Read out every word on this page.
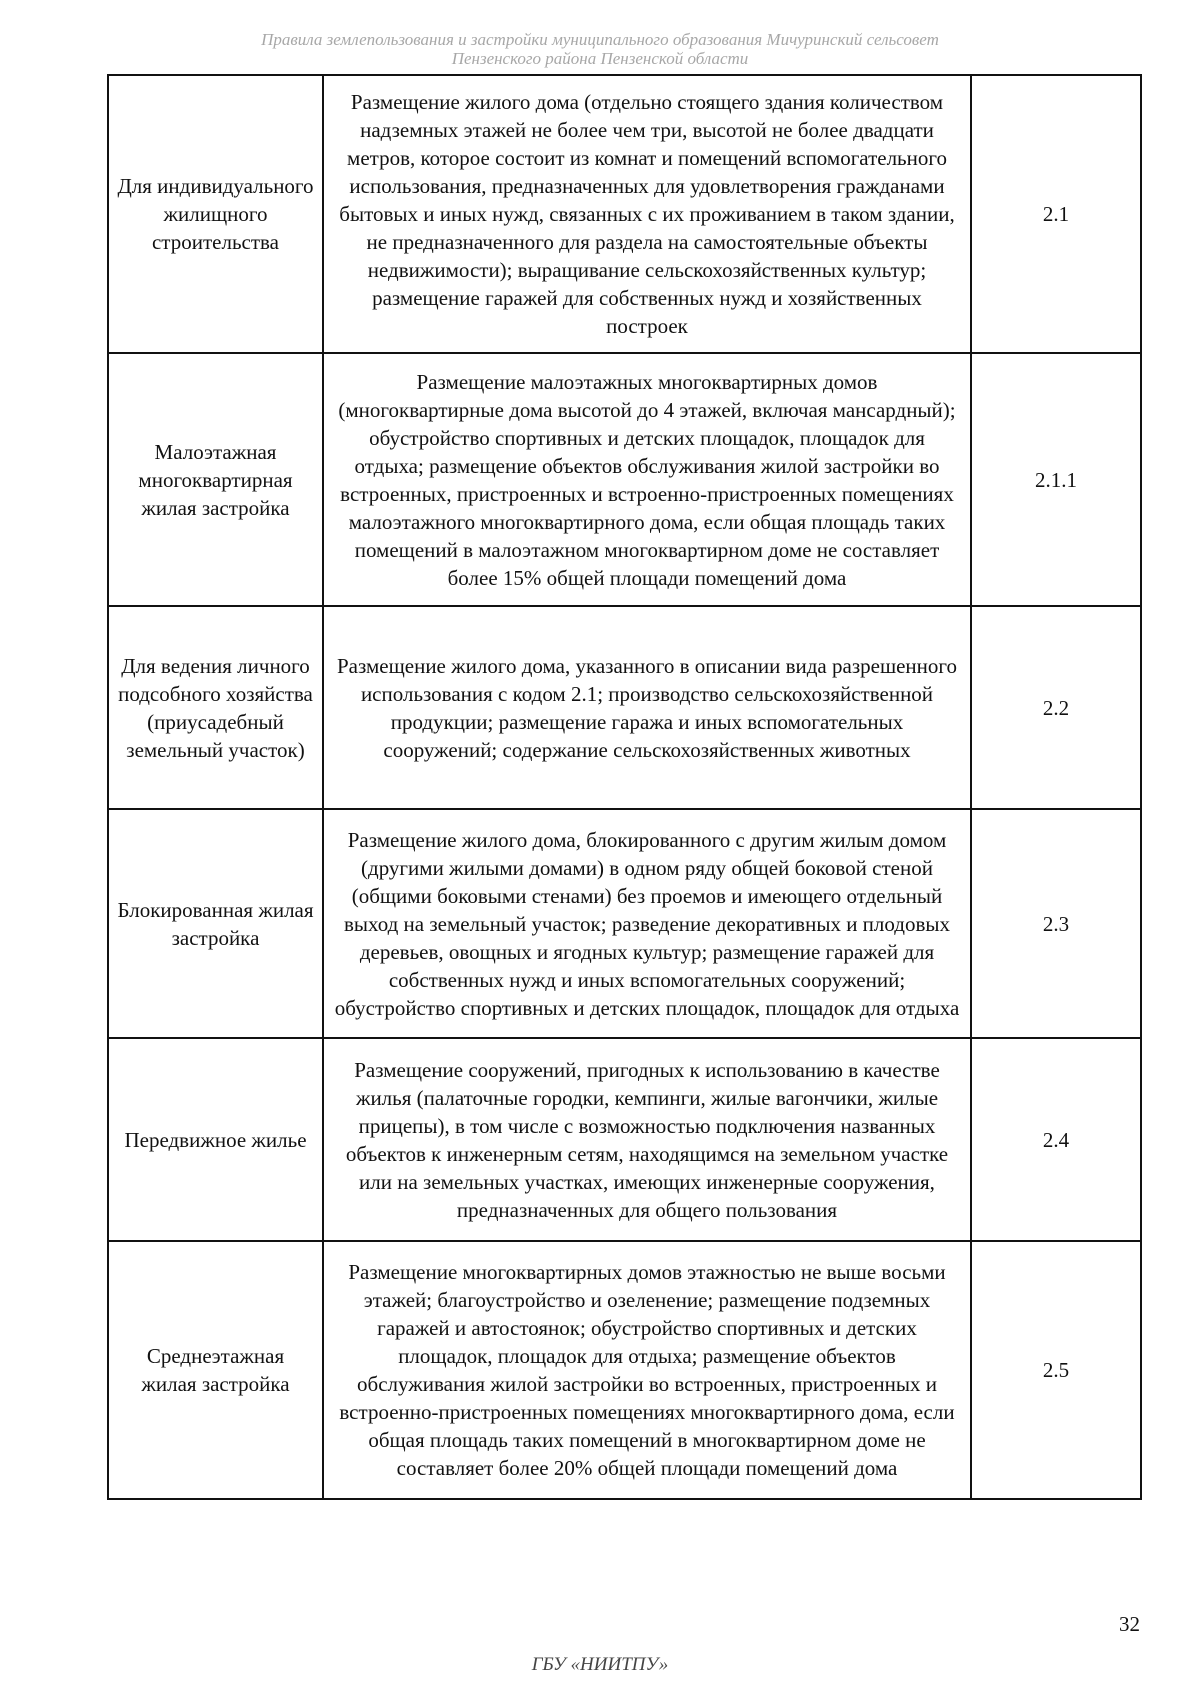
Правила землепользования и застройки муниципального образования Мичуринский сельсовет
Пензенского района Пензенской области
Для индивидуального жилищного строительства	Размещение жилого дома (отдельно стоящего здания количеством надземных этажей не более чем три, высотой не более двадцати метров, которое состоит из комнат и помещений вспомогательного использования, предназначенных для удовлетворения гражданами бытовых и иных нужд, связанных с их проживанием в таком здании, не предназначенного для раздела на самостоятельные объекты недвижимости); выращивание сельскохозяйственных культур; размещение гаражей для собственных нужд и хозяйственных построек	2.1
Малоэтажная многоквартирная жилая застройка	Размещение малоэтажных многоквартирных домов (многоквартирные дома высотой до 4 этажей, включая мансардный); обустройство спортивных и детских площадок, площадок для отдыха; размещение объектов обслуживания жилой застройки во встроенных, пристроенных и встроенно-пристроенных помещениях малоэтажного многоквартирного дома, если общая площадь таких помещений в малоэтажном многоквартирном доме не составляет более 15% общей площади помещений дома	2.1.1
Для ведения личного подсобного хозяйства (приусадебный земельный участок)	Размещение жилого дома, указанного в описании вида разрешенного использования с кодом 2.1; производство сельскохозяйственной продукции; размещение гаража и иных вспомогательных сооружений; содержание сельскохозяйственных животных	2.2
Блокированная жилая застройка	Размещение жилого дома, блокированного с другим жилым домом (другими жилыми домами) в одном ряду общей боковой стеной (общими боковыми стенами) без проемов и имеющего отдельный выход на земельный участок; разведение декоративных и плодовых деревьев, овощных и ягодных культур; размещение гаражей для собственных нужд и иных вспомогательных сооружений; обустройство спортивных и детских площадок, площадок для отдыха	2.3
Передвижное жилье	Размещение сооружений, пригодных к использованию в качестве жилья (палаточные городки, кемпинги, жилые вагончики, жилые прицепы), в том числе с возможностью подключения названных объектов к инженерным сетям, находящимся на земельном участке или на земельных участках, имеющих инженерные сооружения, предназначенных для общего пользования	2.4
Среднеэтажная жилая застройка	Размещение многоквартирных домов этажностью не выше восьми этажей; благоустройство и озеленение; размещение подземных гаражей и автостоянок; обустройство спортивных и детских площадок, площадок для отдыха; размещение объектов обслуживания жилой застройки во встроенных, пристроенных и встроенно-пристроенных помещениях многоквартирного дома, если общая площадь таких помещений в многоквартирном доме не составляет более 20% общей площади помещений дома	2.5
32
ГБУ «НИИТПУ»
